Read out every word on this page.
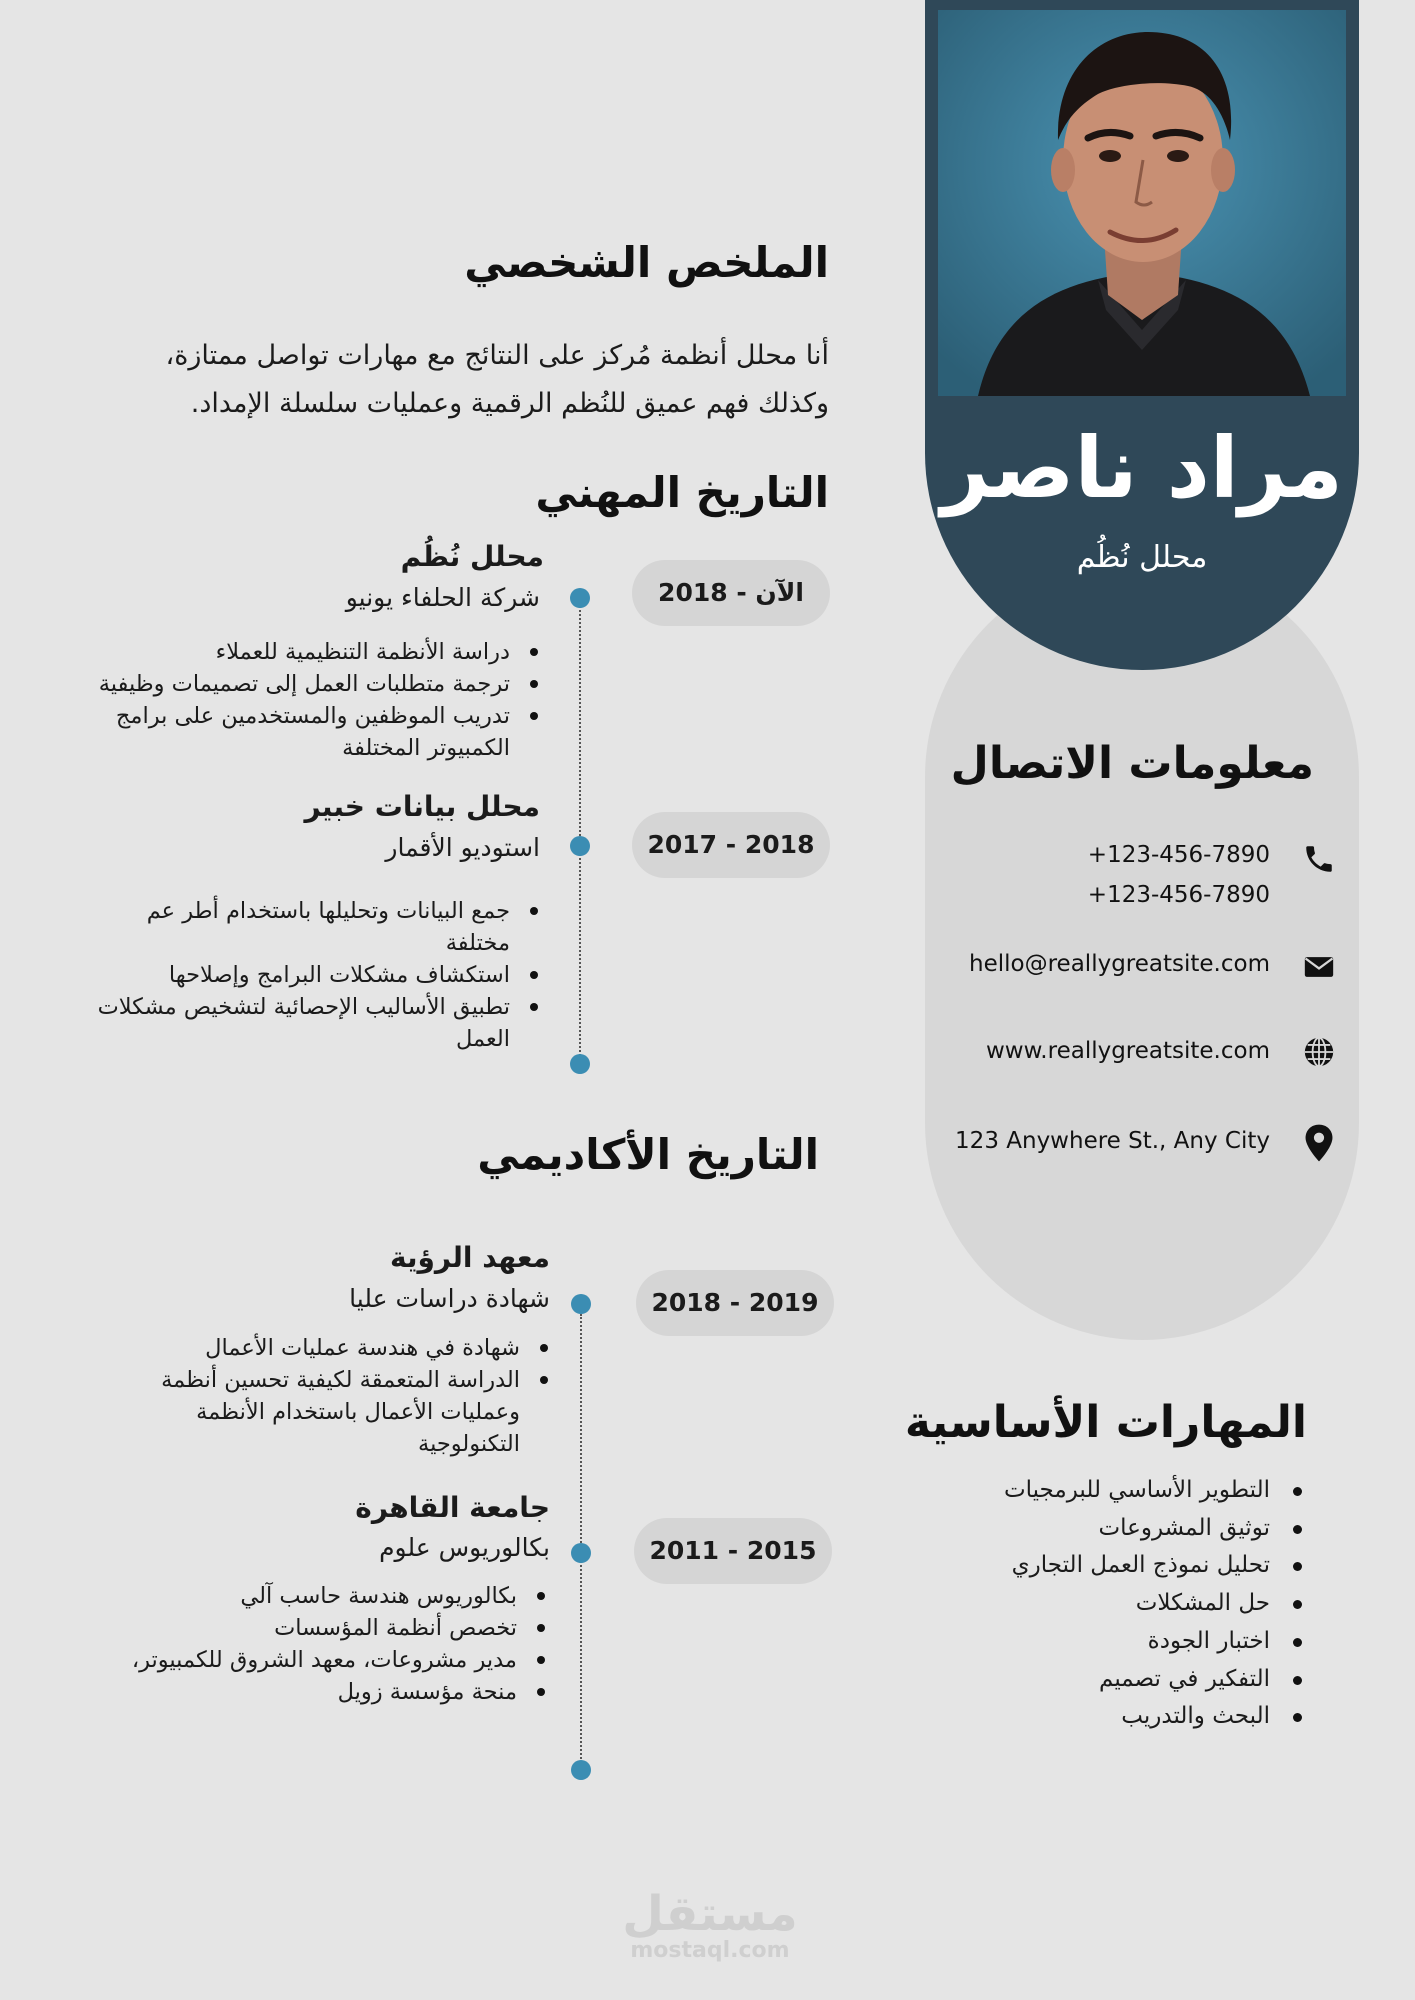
مراد ناصر
محلل نُظُم
معلومات الاتصال
+123-456-7890
+123-456-7890
hello@reallygreatsite.com
www.reallygreatsite.com
123 Anywhere St., Any City
المهارات الأساسية
التطوير الأساسي للبرمجيات
توثيق المشروعات
تحليل نموذج العمل التجاري
حل المشكلات
اختبار الجودة
التفكير في تصميم
البحث والتدريب
الملخص الشخصي

أنا محلل أنظمة مُركز على النتائج مع مهارات تواصل ممتازة،
وكذلك فهم عميق للنُظم الرقمية وعمليات سلسلة الإمداد.

التاريخ المهني
الآن - 2018
محلل نُظُم
شركة الحلفاء يونيو
دراسة الأنظمة التنظيمية للعملاء
ترجمة متطلبات العمل إلى تصميمات وظيفية
تدريب الموظفين والمستخدمين على برامج الكمبيوتر المختلفة
2018 - 2017
محلل بيانات خبير
استوديو الأقمار
جمع البيانات وتحليلها باستخدام أطر عم مختلفة
استكشاف مشكلات البرامج وإصلاحها
تطبيق الأساليب الإحصائية لتشخيص مشكلات العمل
التاريخ الأكاديمي
2019 - 2018
معهد الرؤية
شهادة دراسات عليا
شهادة في هندسة عمليات الأعمال
الدراسة المتعمقة لكيفية تحسين أنظمة وعمليات الأعمال باستخدام الأنظمة التكنولوجية
2015 - 2011
جامعة القاهرة
بكالوريوس علوم
بكالوريوس هندسة حاسب آلي
تخصص أنظمة المؤسسات
مدير مشروعات، معهد الشروق للكمبيوتر،
منحة مؤسسة زويل
مستقل
mostaql.com
